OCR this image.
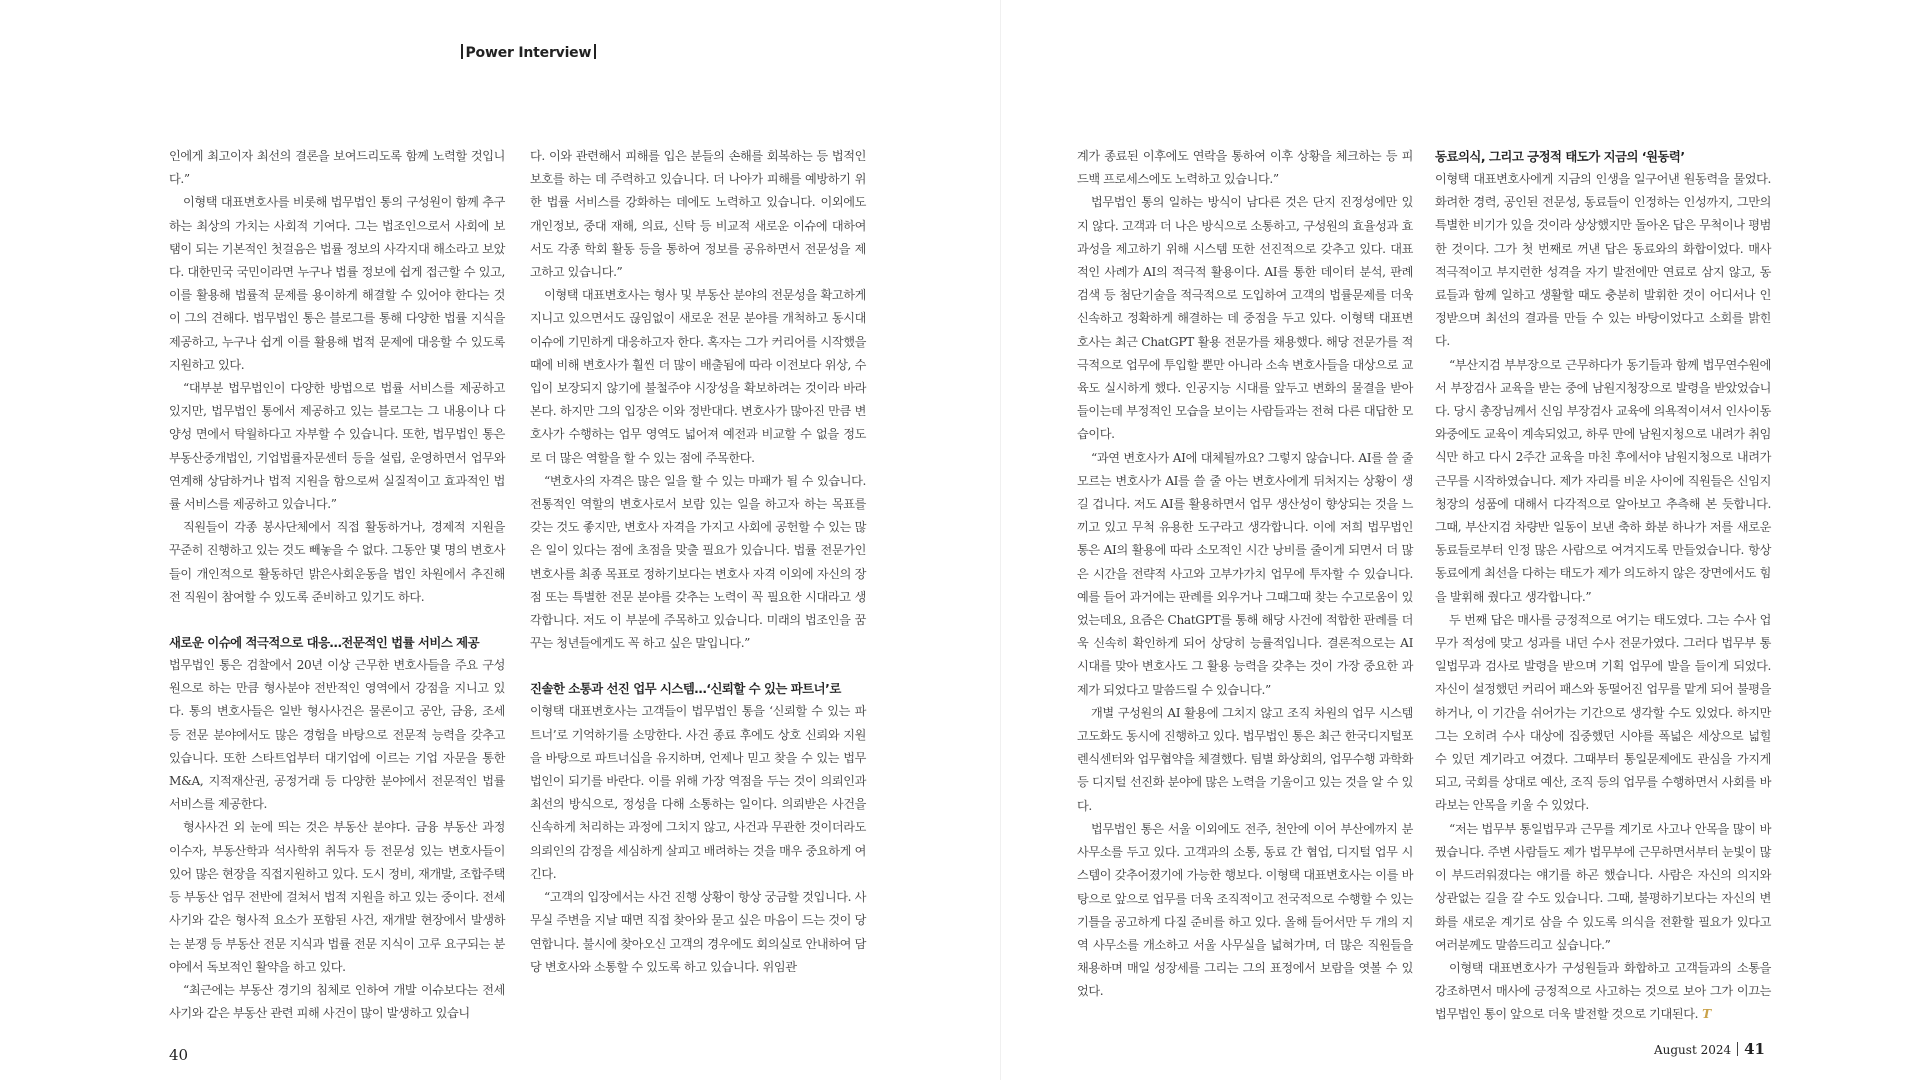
Power Interview

인에게 최고이자 최선의 결론을 보여드리도록 함께 노력할 것입니다.”

이형택 대표변호사를 비롯해 법무법인 통의 구성원이 함께 추구하는 최상의 가치는 사회적 기여다. 그는 법조인으로서 사회에 보탬이 되는 기본적인 첫걸음은 법률 정보의 사각지대 해소라고 보았다. 대한민국 국민이라면 누구나 법률 정보에 쉽게 접근할 수 있고, 이를 활용해 법률적 문제를 용이하게 해결할 수 있어야 한다는 것이 그의 견해다. 법무법인 통은 블로그를 통해 다양한 법률 지식을 제공하고, 누구나 쉽게 이를 활용해 법적 문제에 대응할 수 있도록 지원하고 있다.

“대부분 법무법인이 다양한 방법으로 법률 서비스를 제공하고 있지만, 법무법인 통에서 제공하고 있는 블로그는 그 내용이나 다양성 면에서 탁월하다고 자부할 수 있습니다. 또한, 법무법인 통은 부동산중개법인, 기업법률자문센터 등을 설립, 운영하면서 업무와 연계해 상담하거나 법적 지원을 함으로써 실질적이고 효과적인 법률 서비스를 제공하고 있습니다.”

직원들이 각종 봉사단체에서 직접 활동하거나, 경제적 지원을 꾸준히 진행하고 있는 것도 빼놓을 수 없다. 그동안 몇 명의 변호사들이 개인적으로 활동하던 밝은사회운동을 법인 차원에서 추진해 전 직원이 참여할 수 있도록 준비하고 있기도 하다.

새로운 이슈에 적극적으로 대응…전문적인 법률 서비스 제공

법무법인 통은 검찰에서 20년 이상 근무한 변호사들을 주요 구성원으로 하는 만큼 형사분야 전반적인 영역에서 강점을 지니고 있다. 통의 변호사들은 일반 형사사건은 물론이고 공안, 금융, 조세 등 전문 분야에서도 많은 경험을 바탕으로 전문적 능력을 갖추고 있습니다. 또한 스타트업부터 대기업에 이르는 기업 자문을 통한 M&A, 지적재산권, 공정거래 등 다양한 분야에서 전문적인 법률 서비스를 제공한다.

형사사건 외 눈에 띄는 것은 부동산 분야다. 금융 부동산 과정 이수자, 부동산학과 석사학위 취득자 등 전문성 있는 변호사들이 있어 많은 현장을 직접지원하고 있다. 도시 정비, 재개발, 조합주택 등 부동산 업무 전반에 걸쳐서 법적 지원을 하고 있는 중이다. 전세 사기와 같은 형사적 요소가 포함된 사건, 재개발 현장에서 발생하는 분쟁 등 부동산 전문 지식과 법률 전문 지식이 고루 요구되는 분야에서 독보적인 활약을 하고 있다.

“최근에는 부동산 경기의 침체로 인하여 개발 이슈보다는 전세 사기와 같은 부동산 관련 피해 사건이 많이 발생하고 있습니

다. 이와 관련해서 피해를 입은 분들의 손해를 회복하는 등 법적인 보호를 하는 데 주력하고 있습니다. 더 나아가 피해를 예방하기 위한 법률 서비스를 강화하는 데에도 노력하고 있습니다. 이외에도 개인정보, 중대 재해, 의료, 신탁 등 비교적 새로운 이슈에 대하여서도 각종 학회 활동 등을 통하여 정보를 공유하면서 전문성을 제고하고 있습니다.”

이형택 대표변호사는 형사 및 부동산 분야의 전문성을 확고하게 지니고 있으면서도 끊임없이 새로운 전문 분야를 개척하고 동시대 이슈에 기민하게 대응하고자 한다. 혹자는 그가 커리어를 시작했을 때에 비해 변호사가 훨씬 더 많이 배출됨에 따라 이전보다 위상, 수입이 보장되지 않기에 불철주야 시장성을 확보하려는 것이라 바라본다. 하지만 그의 입장은 이와 정반대다. 변호사가 많아진 만큼 변호사가 수행하는 업무 영역도 넓어져 예전과 비교할 수 없을 정도로 더 많은 역할을 할 수 있는 점에 주목한다.

“변호사의 자격은 많은 일을 할 수 있는 마패가 될 수 있습니다. 전통적인 역할의 변호사로서 보람 있는 일을 하고자 하는 목표를 갖는 것도 좋지만, 변호사 자격을 가지고 사회에 공헌할 수 있는 많은 일이 있다는 점에 초점을 맞출 필요가 있습니다. 법률 전문가인 변호사를 최종 목표로 정하기보다는 변호사 자격 이외에 자신의 장점 또는 특별한 전문 분야를 갖추는 노력이 꼭 필요한 시대라고 생각합니다. 저도 이 부분에 주목하고 있습니다. 미래의 법조인을 꿈꾸는 청년들에게도 꼭 하고 싶은 말입니다.”

진솔한 소통과 선진 업무 시스템…‘신뢰할 수 있는 파트너’로

이형택 대표변호사는 고객들이 법무법인 통을 ‘신뢰할 수 있는 파트너’로 기억하기를 소망한다. 사건 종료 후에도 상호 신뢰와 지원을 바탕으로 파트너십을 유지하며, 언제나 믿고 찾을 수 있는 법무법인이 되기를 바란다. 이를 위해 가장 역점을 두는 것이 의뢰인과 최선의 방식으로, 정성을 다해 소통하는 일이다. 의뢰받은 사건을 신속하게 처리하는 과정에 그치지 않고, 사건과 무관한 것이더라도 의뢰인의 감정을 세심하게 살피고 배려하는 것을 매우 중요하게 여긴다.

“고객의 입장에서는 사건 진행 상황이 항상 궁금할 것입니다. 사무실 주변을 지날 때면 직접 찾아와 묻고 싶은 마음이 드는 것이 당연합니다. 불시에 찾아오신 고객의 경우에도 회의실로 안내하여 담당 변호사와 소통할 수 있도록 하고 있습니다. 위임관

계가 종료된 이후에도 연락을 통하여 이후 상황을 체크하는 등 피드백 프로세스에도 노력하고 있습니다.”

법무법인 통의 일하는 방식이 남다른 것은 단지 진정성에만 있지 않다. 고객과 더 나은 방식으로 소통하고, 구성원의 효율성과 효과성을 제고하기 위해 시스템 또한 선진적으로 갖추고 있다. 대표적인 사례가 AI의 적극적 활용이다. AI를 통한 데이터 분석, 판례검색 등 첨단기술을 적극적으로 도입하여 고객의 법률문제를 더욱 신속하고 정확하게 해결하는 데 중점을 두고 있다. 이형택 대표변호사는 최근 ChatGPT 활용 전문가를 채용했다. 해당 전문가를 적극적으로 업무에 투입할 뿐만 아니라 소속 변호사들을 대상으로 교육도 실시하게 했다. 인공지능 시대를 앞두고 변화의 물결을 받아들이는데 부정적인 모습을 보이는 사람들과는 전혀 다른 대답한 모습이다.

“과연 변호사가 AI에 대체될까요? 그렇지 않습니다. AI를 쓸 줄 모르는 변호사가 AI를 쓸 줄 아는 변호사에게 뒤처지는 상황이 생길 겁니다. 저도 AI를 활용하면서 업무 생산성이 향상되는 것을 느끼고 있고 무척 유용한 도구라고 생각합니다. 이에 저희 법무법인 통은 AI의 활용에 따라 소모적인 시간 낭비를 줄이게 되면서 더 많은 시간을 전략적 사고와 고부가가치 업무에 투자할 수 있습니다. 예를 들어 과거에는 판례를 외우거나 그때그때 찾는 수고로움이 있었는데요, 요즘은 ChatGPT를 통해 해당 사건에 적합한 판례를 더욱 신속히 확인하게 되어 상당히 능률적입니다. 결론적으로는 AI 시대를 맞아 변호사도 그 활용 능력을 갖추는 것이 가장 중요한 과제가 되었다고 말씀드릴 수 있습니다.”

개별 구성원의 AI 활용에 그치지 않고 조직 차원의 업무 시스템 고도화도 동시에 진행하고 있다. 법무법인 통은 최근 한국디지털포렌식센터와 업무협약을 체결했다. 팀별 화상회의, 업무수행 과학화 등 디지털 선진화 분야에 많은 노력을 기울이고 있는 것을 알 수 있다.

법무법인 통은 서울 이외에도 전주, 천안에 이어 부산에까지 분사무소를 두고 있다. 고객과의 소통, 동료 간 협업, 디지털 업무 시스템이 갖추어졌기에 가능한 행보다. 이형택 대표변호사는 이를 바탕으로 앞으로 업무를 더욱 조직적이고 전국적으로 수행할 수 있는 기틀을 공고하게 다질 준비를 하고 있다. 올해 들어서만 두 개의 지역 사무소를 개소하고 서울 사무실을 넓혀가며, 더 많은 직원들을 채용하며 매일 성장세를 그리는 그의 표정에서 보람을 엿볼 수 있었다.

동료의식, 그리고 긍정적 태도가 지금의 ‘원동력’

이형택 대표변호사에게 지금의 인생을 일구어낸 원동력을 물었다. 화려한 경력, 공인된 전문성, 동료들이 인정하는 인성까지, 그만의 특별한 비기가 있을 것이라 상상했지만 돌아온 답은 무척이나 평범한 것이다. 그가 첫 번째로 꺼낸 답은 동료와의 화합이었다. 매사 적극적이고 부지런한 성격을 자기 발전에만 연료로 삼지 않고, 동료들과 함께 일하고 생활할 때도 충분히 발휘한 것이 어디서나 인정받으며 최선의 결과를 만들 수 있는 바탕이었다고 소회를 밝힌다.

“부산지검 부부장으로 근무하다가 동기들과 함께 법무연수원에서 부장검사 교육을 받는 중에 남원지청장으로 발령을 받았었습니다. 당시 총장님께서 신임 부장검사 교육에 의욕적이셔서 인사이동 와중에도 교육이 계속되었고, 하루 만에 남원지청으로 내려가 취임식만 하고 다시 2주간 교육을 마친 후에서야 남원지청으로 내려가 근무를 시작하였습니다. 제가 자리를 비운 사이에 직원들은 신임지청장의 성품에 대해서 다각적으로 알아보고 추측해 본 듯합니다. 그때, 부산지검 차량반 일동이 보낸 축하 화분 하나가 저를 새로운 동료들로부터 인정 많은 사람으로 여겨지도록 만들었습니다. 항상 동료에게 최선을 다하는 태도가 제가 의도하지 않은 장면에서도 힘을 발휘해 줬다고 생각합니다.”

두 번째 답은 매사를 긍정적으로 여기는 태도였다. 그는 수사 업무가 적성에 맞고 성과를 내던 수사 전문가였다. 그러다 법무부 통일법무과 검사로 발령을 받으며 기획 업무에 발을 들이게 되었다. 자신이 설정했던 커리어 패스와 동떨어진 업무를 맡게 되어 불평을 하거나, 이 기간을 쉬어가는 기간으로 생각할 수도 있었다. 하지만 그는 오히려 수사 대상에 집중했던 시야를 폭넓은 세상으로 넓힐 수 있던 계기라고 여겼다. 그때부터 통일문제에도 관심을 가지게 되고, 국회를 상대로 예산, 조직 등의 업무를 수행하면서 사회를 바라보는 안목을 키울 수 있었다.

“저는 법무부 통일법무과 근무를 계기로 사고나 안목을 많이 바꿨습니다. 주변 사람들도 제가 법무부에 근무하면서부터 눈빛이 많이 부드러워졌다는 얘기를 하곤 했습니다. 사람은 자신의 의지와 상관없는 길을 갈 수도 있습니다. 그때, 불평하기보다는 자신의 변화를 새로운 계기로 삼을 수 있도록 의식을 전환할 필요가 있다고 여러분께도 말씀드리고 싶습니다.”

이형택 대표변호사가 구성원들과 화합하고 고객들과의 소통을 강조하면서 매사에 긍정적으로 사고하는 것으로 보아 그가 이끄는 법무법인 통이 앞으로 더욱 발전할 것으로 기대된다. T

40	August 2024 41
